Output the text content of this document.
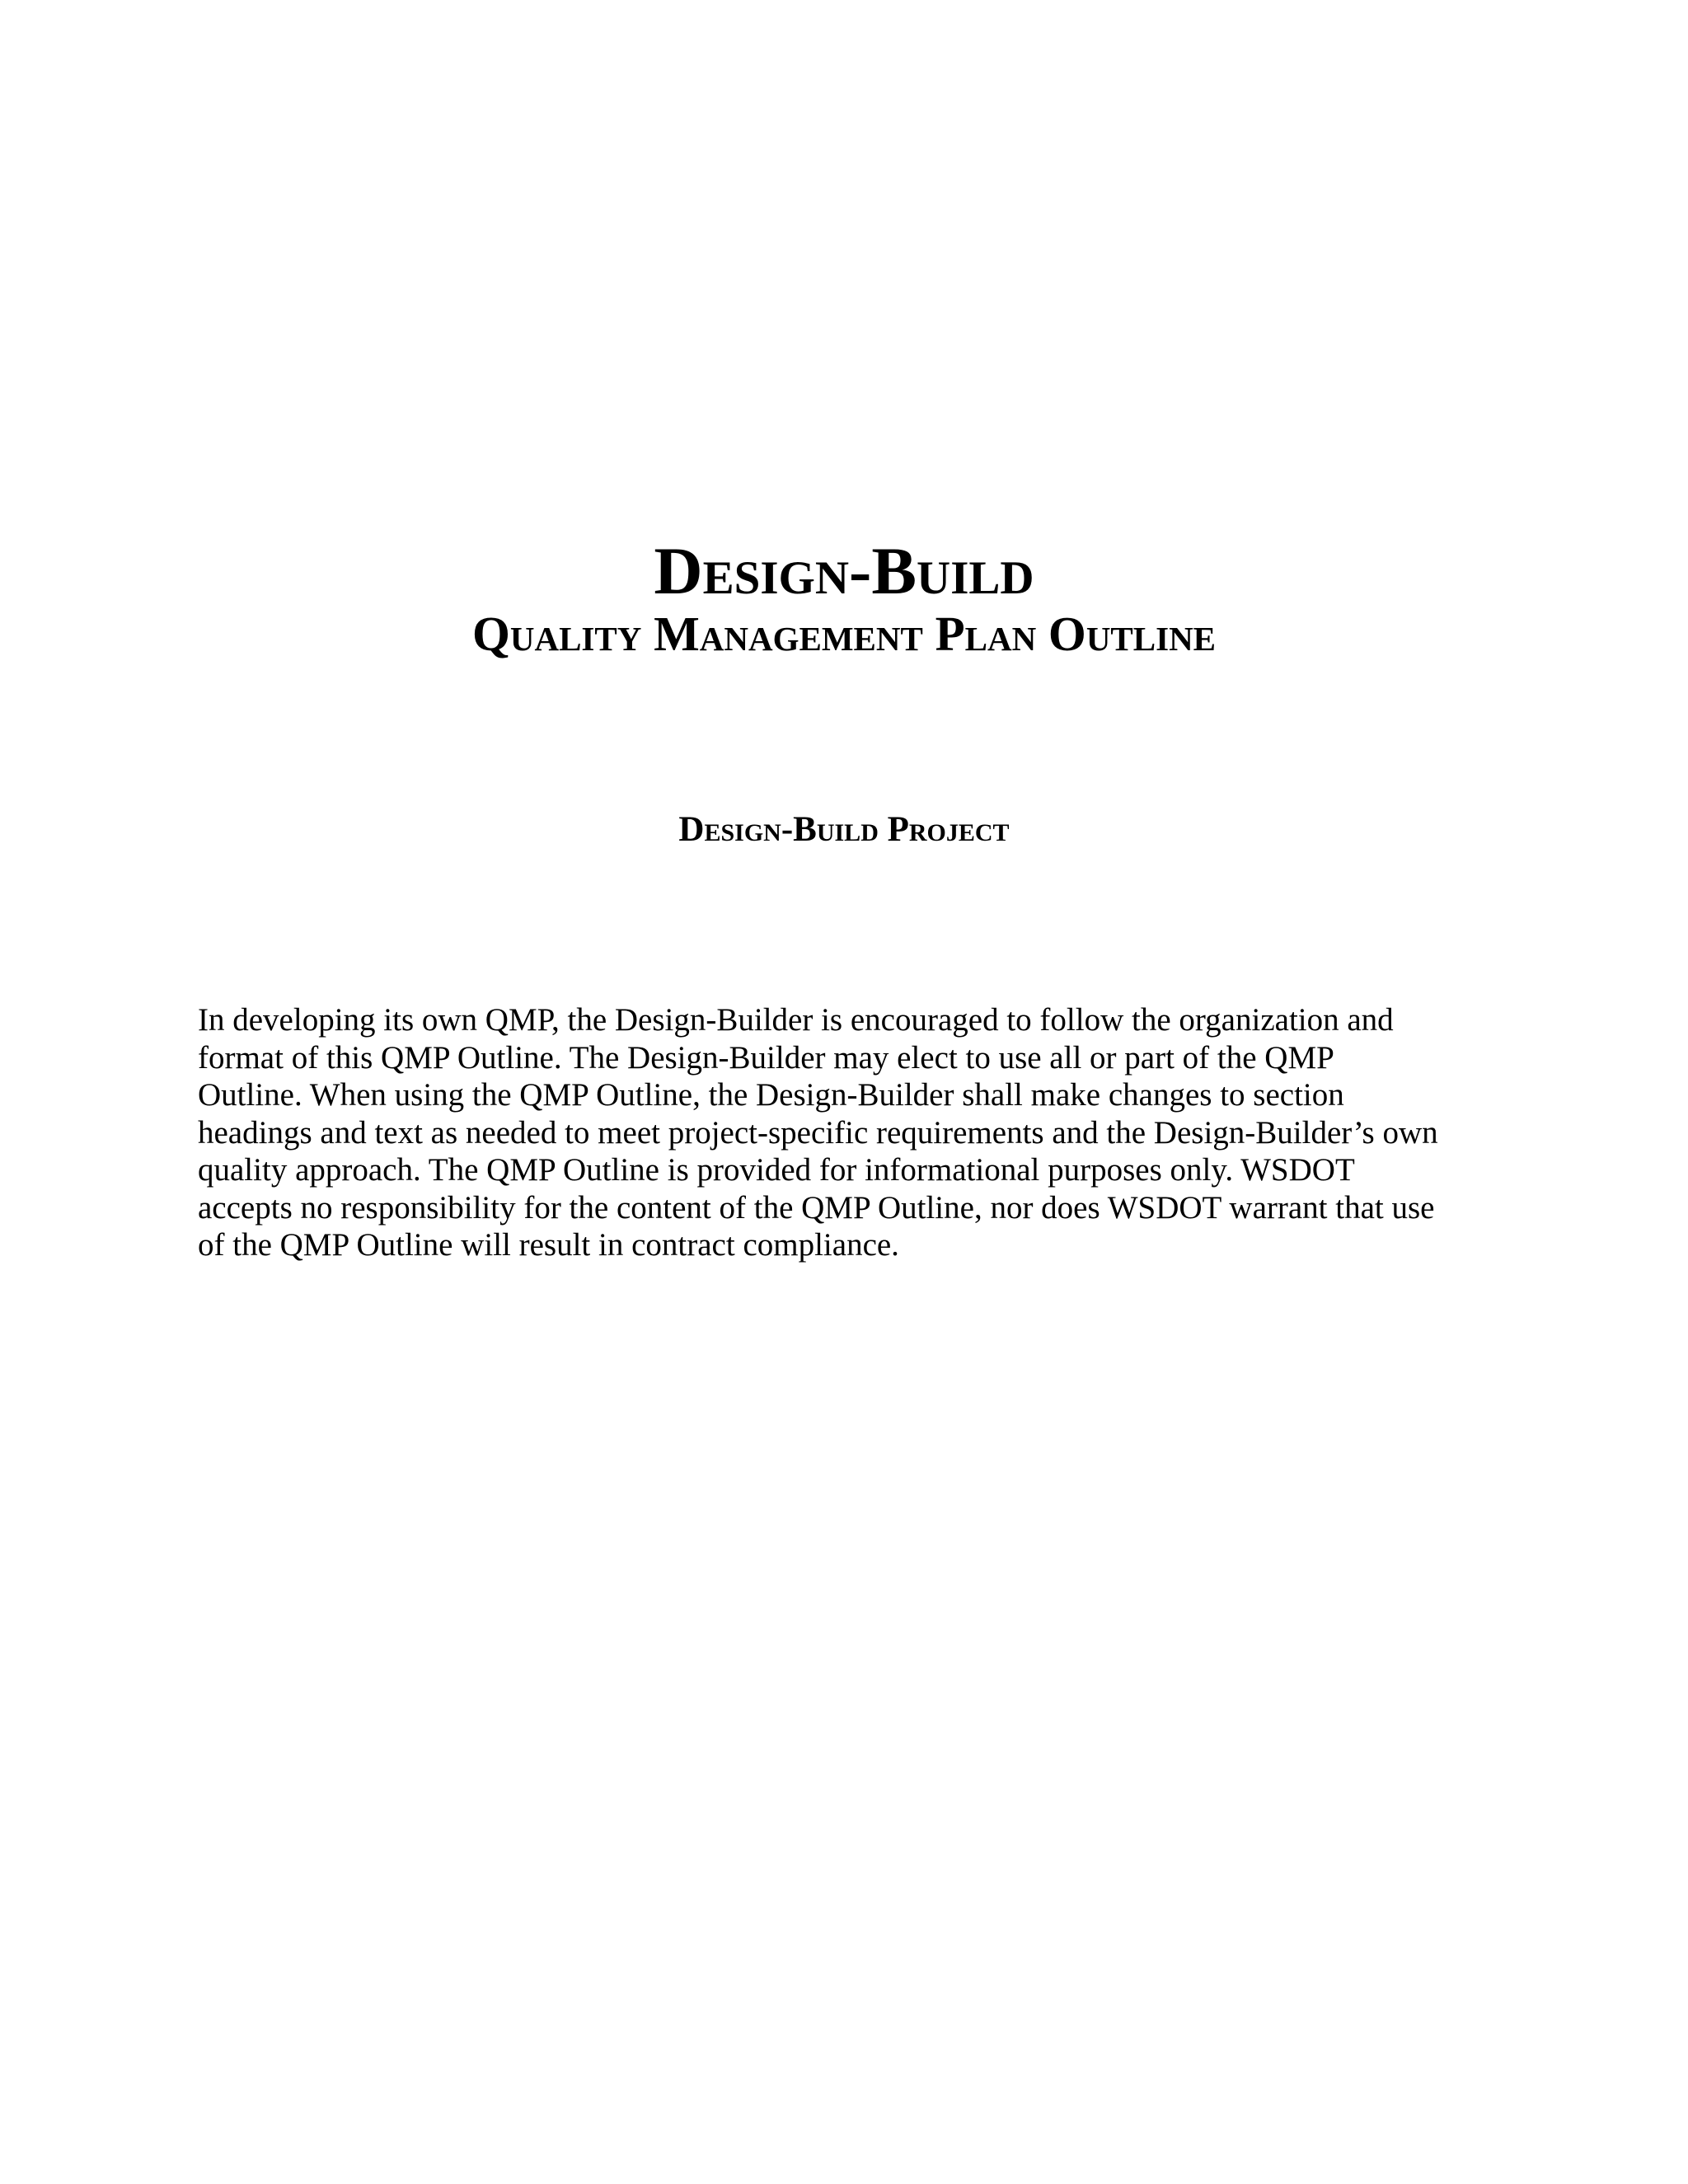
Design-Build
Quality Management Plan Outline
Design-Build Project
In developing its own QMP, the Design-Builder is encouraged to follow the organization and
format of this QMP Outline. The Design-Builder may elect to use all or part of the QMP
Outline. When using the QMP Outline, the Design-Builder shall make changes to section
headings and text as needed to meet project-specific requirements and the Design-Builder’s own
quality approach. The QMP Outline is provided for informational purposes only. WSDOT
accepts no responsibility for the content of the QMP Outline, nor does WSDOT warrant that use
of the QMP Outline will result in contract compliance.
